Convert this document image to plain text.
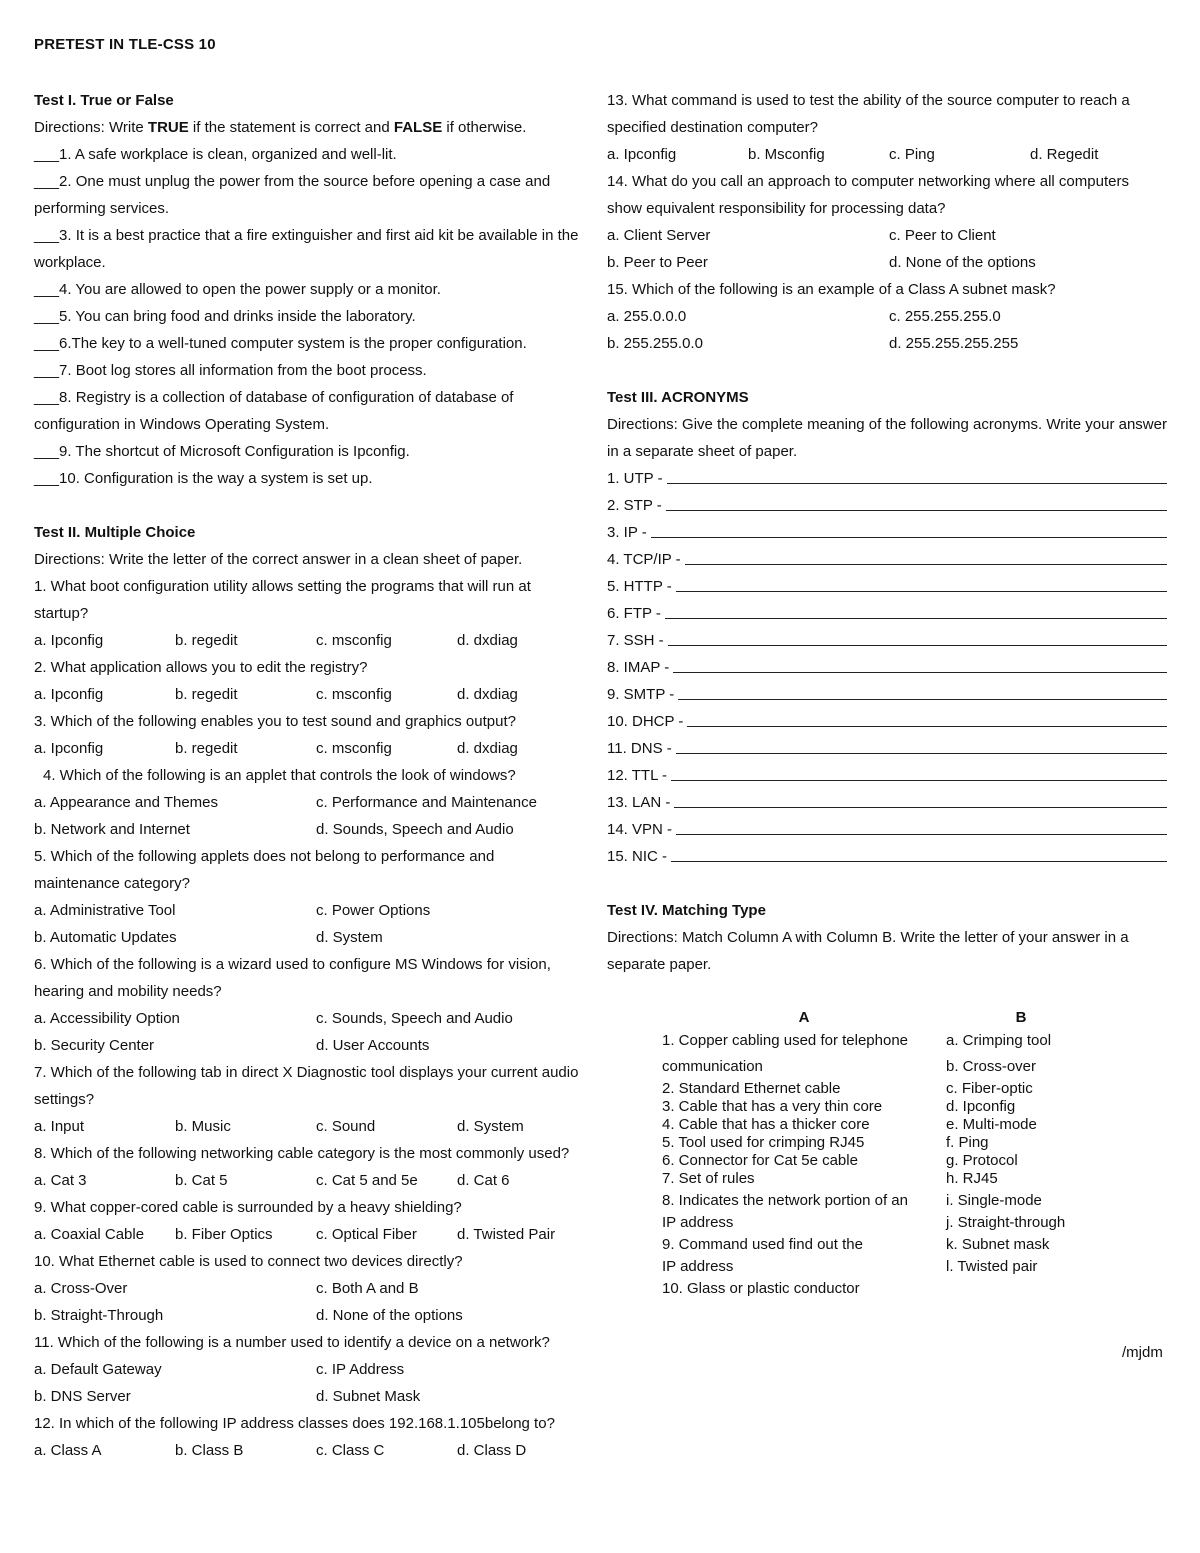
PRETEST IN TLE-CSS 10
Test I. True or False
Directions: Write TRUE if the statement is correct and FALSE if otherwise.
___1. A safe workplace is clean, organized and well-lit.
___2. One must unplug the power from the source before opening a case and performing services.
___3. It is a best practice that a fire extinguisher and first aid kit be available in the workplace.
___4. You are allowed to open the power supply or a monitor.
___5. You can bring food and drinks inside the laboratory.
___6.The key to a well-tuned computer system is the proper configuration.
___7. Boot log stores all information from the boot process.
___8. Registry is a collection of database of configuration of database of configuration in Windows Operating System.
___9. The shortcut of Microsoft Configuration is Ipconfig.
___10. Configuration is the way a system is set up.
Test II. Multiple Choice
Directions: Write the letter of the correct answer in a clean sheet of paper.
1. What boot configuration utility allows setting the programs that will run at startup?
a. Ipconfig	b. regedit	c. msconfig	d. dxdiag
2. What application allows you to edit the registry?
a. Ipconfig	b. regedit	c. msconfig	d. dxdiag
3. Which of the following enables you to test sound and graphics output?
a. Ipconfig	b. regedit	c. msconfig	d. dxdiag
4. Which of the following is an applet that controls the look of windows?
a. Appearance and Themes	c. Performance and Maintenance
b. Network and Internet	d. Sounds, Speech and Audio
5. Which of the following applets does not belong to performance and maintenance category?
a. Administrative Tool	c. Power Options
b. Automatic Updates	d. System
6. Which of the following is a wizard used to configure MS Windows for vision, hearing and mobility needs?
a. Accessibility Option	c. Sounds, Speech and Audio
b. Security Center	d. User Accounts
7. Which of the following tab in direct X Diagnostic tool displays your current audio settings?
a. Input	b. Music	c. Sound	d. System
8. Which of the following networking cable category is the most commonly used?
a. Cat 3	b. Cat 5	c. Cat 5 and 5e	d. Cat 6
9. What copper-cored cable is surrounded by a heavy shielding?
a. Coaxial Cable	b. Fiber Optics	c. Optical Fiber	d. Twisted Pair
10. What Ethernet cable is used to connect two devices directly?
a. Cross-Over	c. Both A and B
b. Straight-Through	d. None of the options
11. Which of the following is a number used to identify a device on a network?
a. Default Gateway	c. IP Address
b. DNS Server	d. Subnet Mask
12. In which of the following IP address classes does 192.168.1.105belong to?
a. Class A	b. Class B	c. Class C	d. Class D
13. What command is used to test the ability of the source computer to reach a specified destination computer?
a. Ipconfig	b. Msconfig	c. Ping	d. Regedit
14. What do you call an approach to computer networking where all computers show equivalent responsibility for processing data?
a. Client Server	c. Peer to Client
b. Peer to Peer	d. None of the options
15. Which of the following is an example of a Class A subnet mask?
a. 255.0.0.0	c. 255.255.255.0
b. 255.255.0.0	d. 255.255.255.255
Test III. ACRONYMS
Directions: Give the complete meaning of the following acronyms. Write your answer in a separate sheet of paper.
1. UTP -
2. STP -
3. IP -
4. TCP/IP -
5. HTTP -
6. FTP -
7. SSH -
8. IMAP -
9. SMTP -
10. DHCP -
11. DNS -
12. TTL -
13. LAN -
14. VPN -
15. NIC -
Test IV. Matching Type
Directions: Match Column A with Column B. Write the letter of your answer in a separate paper.
A	B
1. Copper cabling used for telephone	a. Crimping tool
communication	b. Cross-over
2. Standard Ethernet cable	c. Fiber-optic
3. Cable that has a very thin core	d. Ipconfig
4. Cable that has a thicker core	e. Multi-mode
5. Tool used for crimping RJ45	f. Ping
6. Connector for Cat 5e cable	g. Protocol
7. Set of rules	h. RJ45
8. Indicates the network portion of an	i. Single-mode
IP address	j. Straight-through
9. Command used find out the	k. Subnet mask
IP address	l. Twisted pair
10. Glass or plastic conductor
/mjdm
